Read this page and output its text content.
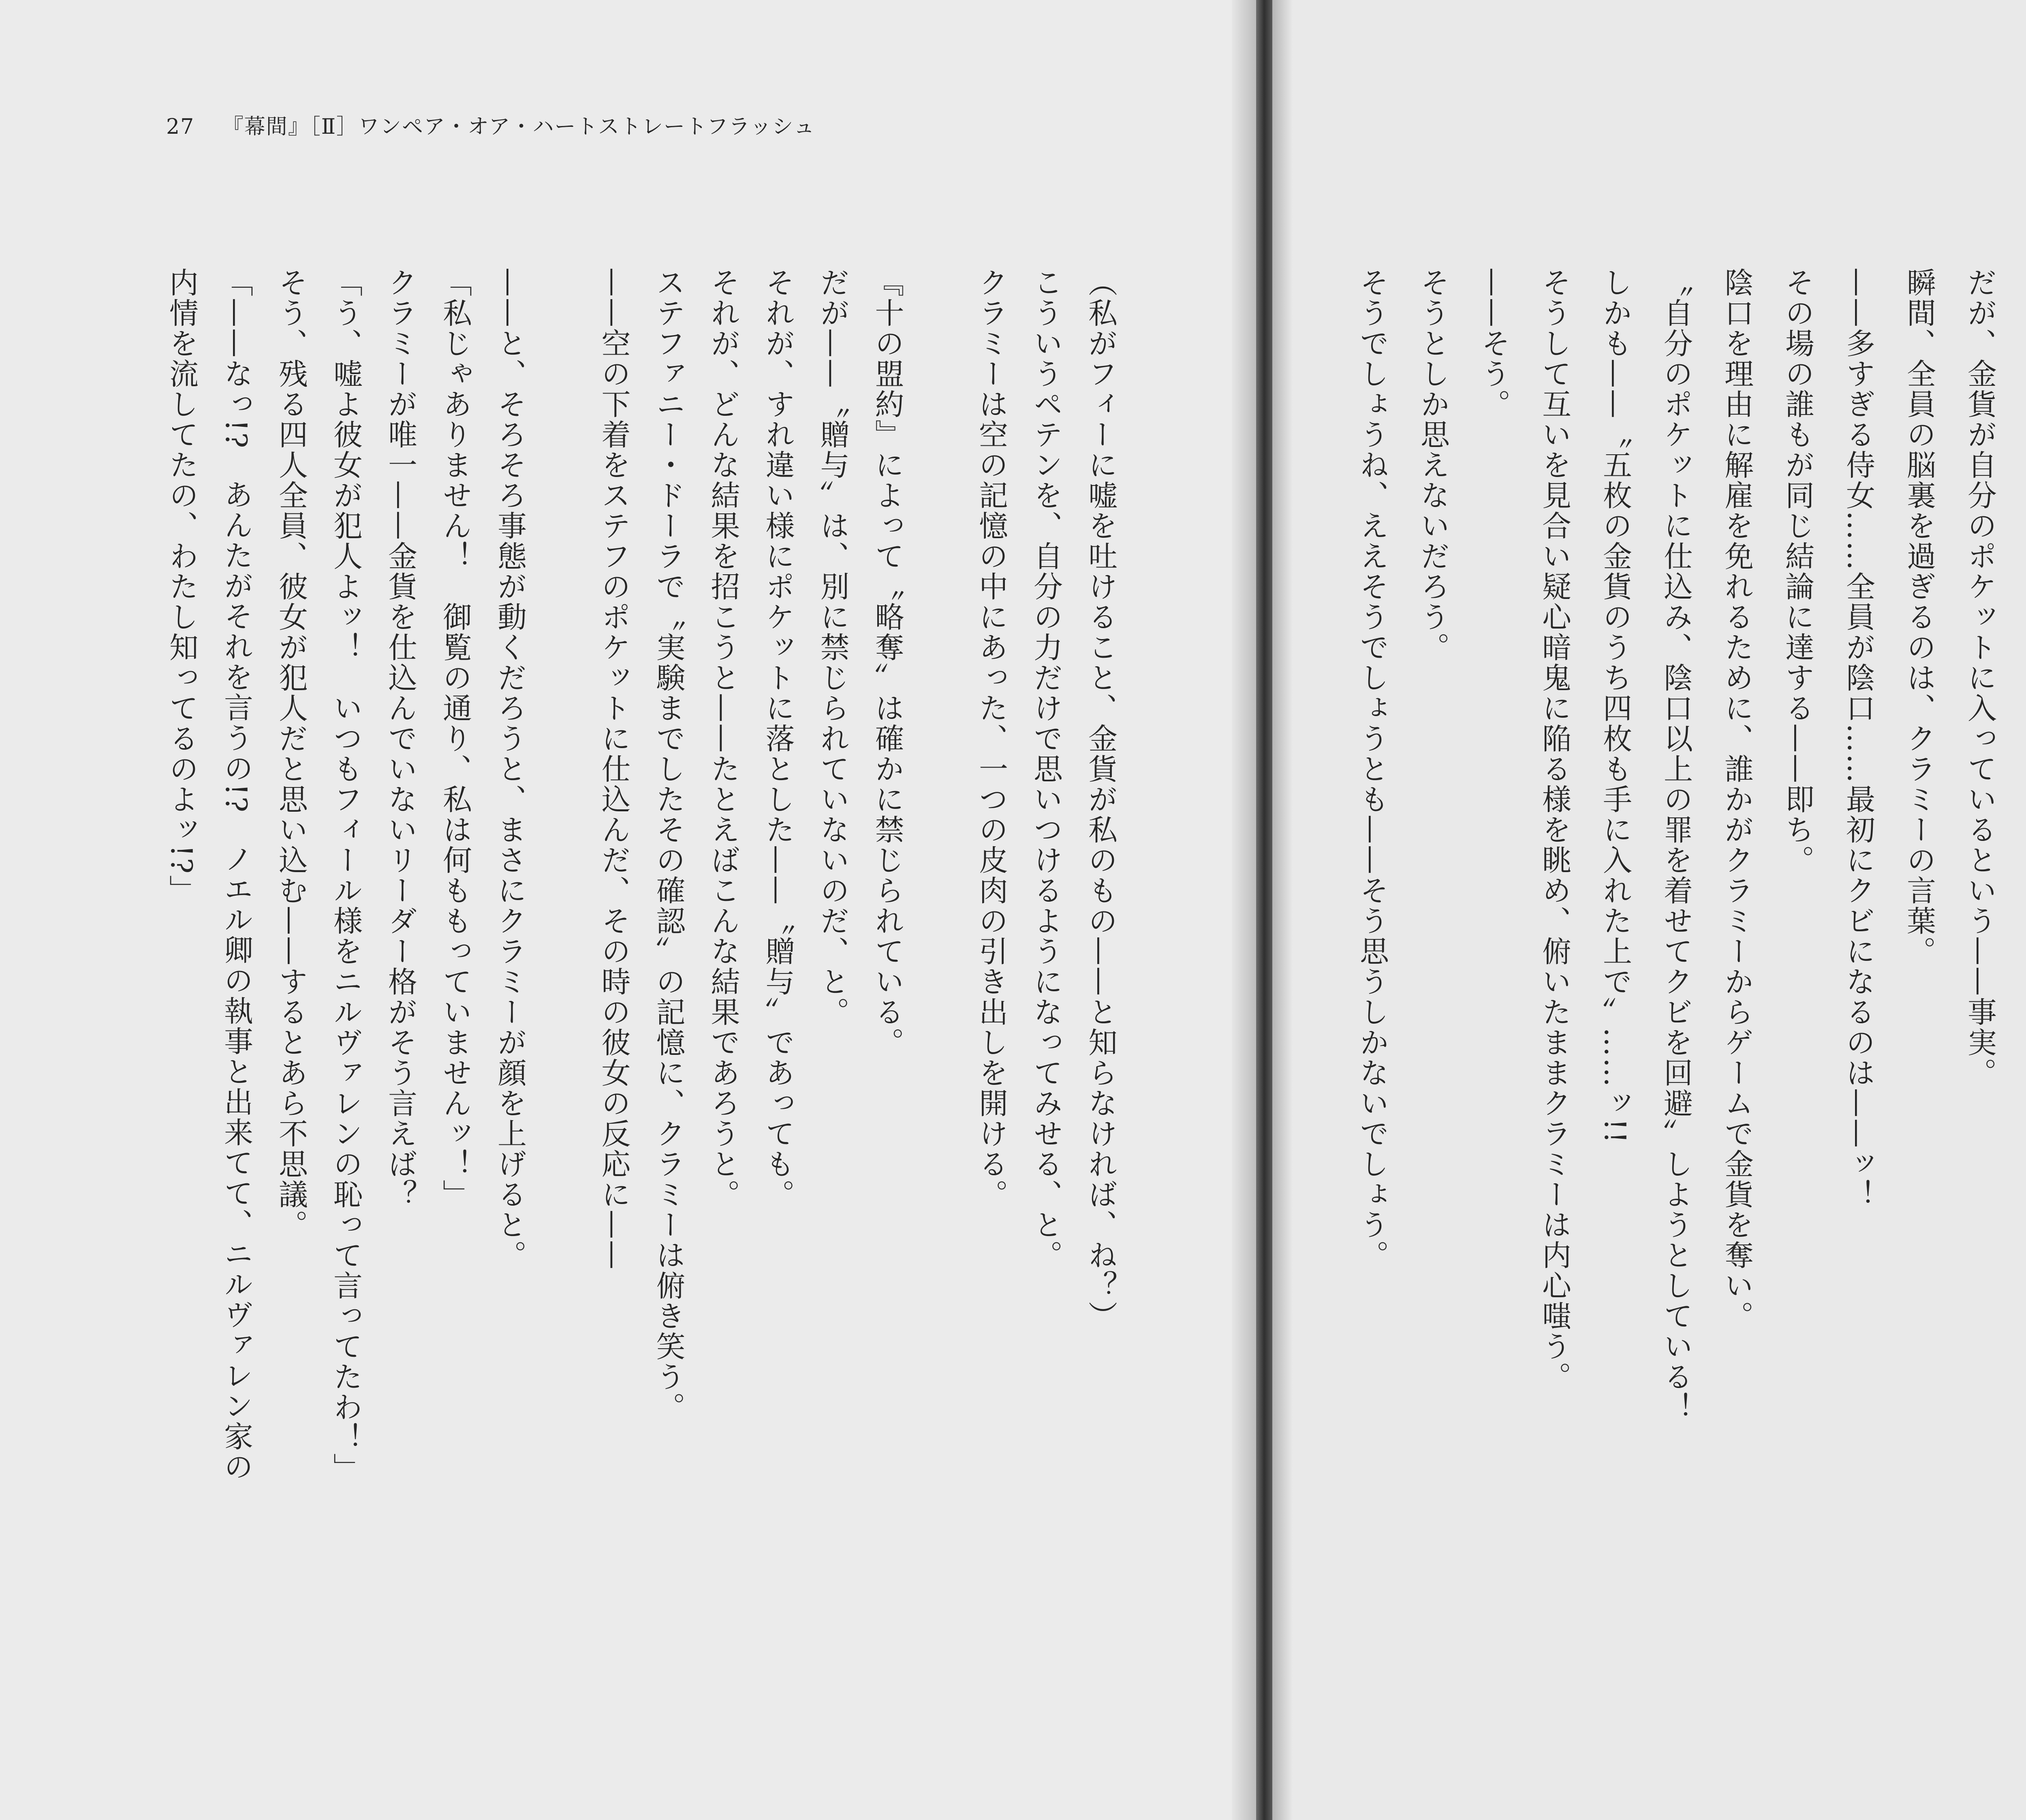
27 『幕間』［Ⅱ］ワンペア・オア・ハートストレートフラッシュ
だが、金貨が自分のポケットに入っているという——事実。
瞬間、全員の脳裏を過ぎるのは、クラミーの言葉。
——多すぎる侍女……全員が陰口……最初にクビになるのは——ッ！
その場の誰もが同じ結論に達する——即ち。
陰口を理由に解雇を免れるために、誰かがクラミーからゲームで金貨を奪い。
〝自分のポケットに仕込み、陰口以上の罪を着せてクビを回避〟しようとしている！
しかも——〝五枚の金貨のうち四枚も手に入れた上で〟……ッ!!
そうして互いを見合い疑心暗鬼に陥る様を眺め、俯いたままクラミーは内心嗤う。
——そう。
そうとしか思えないだろう。
そうでしょうね、ええそうでしょうとも——そう思うしかないでしょう。
（私がフィーに嘘を吐けること、金貨が私のもの——と知らなければ、ね？）
こういうペテンを、自分の力だけで思いつけるようになってみせる、と。
クラミーは空の記憶の中にあった、一つの皮肉の引き出しを開ける。
『十の盟約』によって〝略奪〟は確かに禁じられている。
だが——〝贈与〟は、別に禁じられていないのだ、と。
それが、すれ違い様にポケットに落とした——〝贈与〟であっても。
それが、どんな結果を招こうと——たとえばこんな結果であろうと。
ステファニー・ドーラで〝実験までしたその確認〟の記憶に、クラミーは俯き笑う。
——空の下着をステフのポケットに仕込んだ、その時の彼女の反応に——
——と、そろそろ事態が動くだろうと、まさにクラミーが顔を上げると。
「私じゃありません！　御覧の通り、私は何ももっていませんッ！」
クラミーが唯一——金貨を仕込んでいないリーダー格がそう言えば？
「う、嘘よ彼女が犯人よッ！　いつもフィール様をニルヴァレンの恥って言ってたわ！」
そう、残る四人全員、彼女が犯人だと思い込む——するとあら不思議。
「——なっ!?　あんたがそれを言うの!?　ノエル卿の執事と出来てて、ニルヴァレン家の
内情を流してたの、わたし知ってるのよッ!?」
